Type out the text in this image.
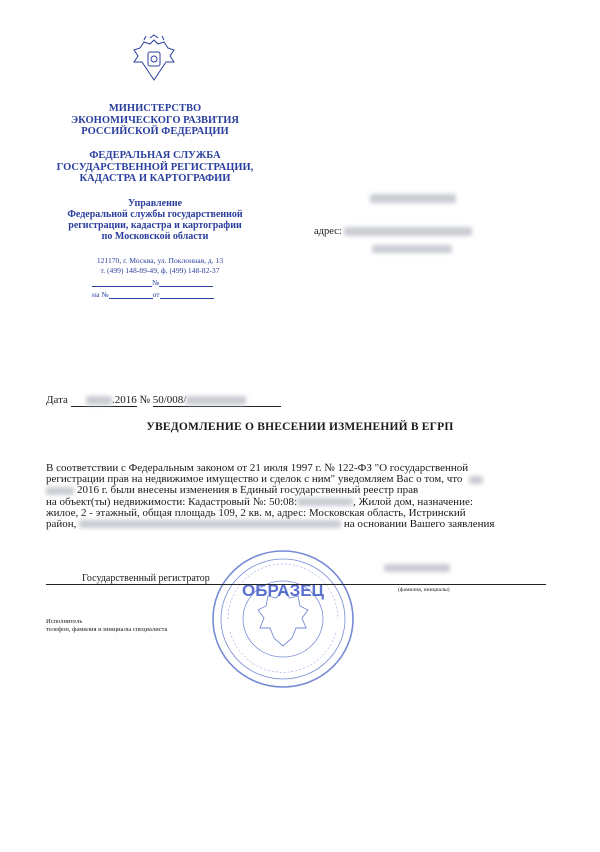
МИНИСТЕРСТВО
ЭКОНОМИЧЕСКОГО РАЗВИТИЯ
РОССИЙСКОЙ ФЕДЕРАЦИИ
ФЕДЕРАЛЬНАЯ СЛУЖБА
ГОСУДАРСТВЕННОЙ РЕГИСТРАЦИИ,
КАДАСТРА И КАРТОГРАФИИ
Управление
Федеральной службы государственной
регистрации, кадастра и картографии
по Московской области
121170, г. Москва, ул. Поклонная, д. 13
т. (499) 148-89-49, ф. (499) 148-82-37
№
на №	от
адрес:
Дата	.2016 № 50/008/
УВЕДОМЛЕНИЕ О ВНЕСЕНИИ ИЗМЕНЕНИЙ В ЕГРП

В соответствии с Федеральным законом от 21 июля 1997 г. № 122-ФЗ "О государственной

регистрации прав на недвижимое имущество и сделок с ним" уведомляем Вас о том, что

2016 г. были внесены изменения в Единый государственный реестр прав

на объект(ты) недвижимости: Кадастровый №: 50:08:	, Жилой дом, назначение:

жилое, 2 - этажный, общая площадь 109, 2 кв. м, адрес: Московская область, Истринский

район,	на основании Вашего заявления

ОБРАЗЕЦ
Государственный регистратор
(фамилия, инициалы)
Исполнитель
телефон, фамилия и инициалы специалиста
